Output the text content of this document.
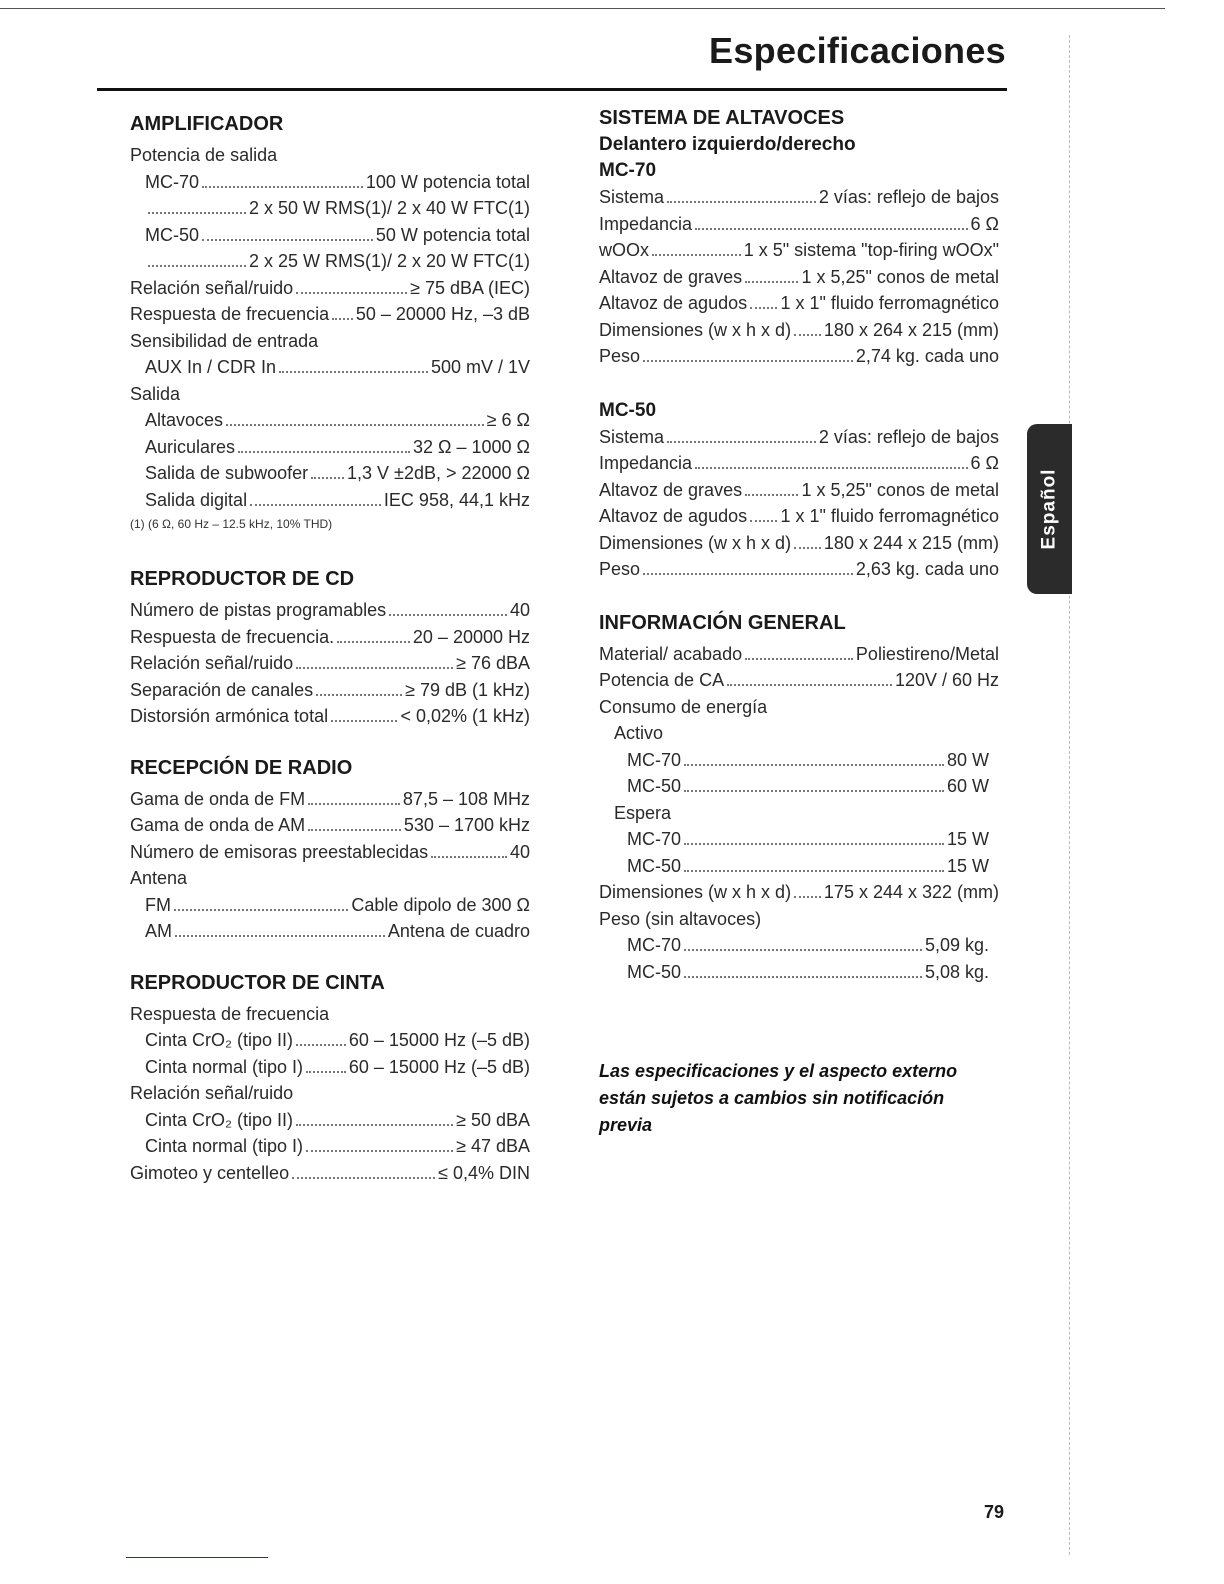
Especificaciones
AMPLIFICADOR
Potencia de salida
MC-70	100 W potencia total
2 x 50 W RMS(1)/ 2 x 40 W FTC(1)
MC-50	50 W potencia total
2 x 25 W RMS(1)/ 2 x 20 W FTC(1)
Relación señal/ruido	≥ 75 dBA (IEC)
Respuesta de frecuencia 50 – 20000 Hz, –3 dB
Sensibilidad de entrada
AUX In / CDR In	500 mV / 1V
Salida
Altavoces	≥ 6 Ω
Auriculares	32 Ω – 1000 Ω
Salida de subwoofer 1,3 V ±2dB, > 22000 Ω
Salida digital	IEC 958, 44,1 kHz
(1) (6 Ω, 60 Hz – 12.5 kHz, 10% THD)
REPRODUCTOR DE CD
Número de pistas programables	40
Respuesta de frecuencia.	20 – 20000 Hz
Relación señal/ruido	≥ 76 dBA
Separación de canales	≥ 79 dB (1 kHz)
Distorsión armónica total	< 0,02% (1 kHz)
RECEPCIÓN DE RADIO
Gama de onda de FM	87,5 – 108 MHz
Gama de onda de AM	530 – 1700 kHz
Número de emisoras preestablecidas	40
Antena
FM	Cable dipolo de 300 Ω
AM	Antena de cuadro
REPRODUCTOR DE CINTA
Respuesta de frecuencia
Cinta CrO₂ (tipo II)	60 – 15000 Hz (–5 dB)
Cinta normal (tipo I)	60 – 15000 Hz (–5 dB)
Relación señal/ruido
Cinta CrO₂ (tipo II)	≥ 50 dBA
Cinta normal (tipo I)	≥ 47 dBA
Gimoteo y centelleo	≤ 0,4% DIN
SISTEMA DE ALTAVOCES
Delantero izquierdo/derecho
MC-70
Sistema	2 vías: reflejo de bajos
Impedancia	6 Ω
wOOx	1 x 5" sistema "top-firing wOOx"
Altavoz de graves	1 x 5,25" conos de metal
Altavoz de agudos 1 x 1" fluido ferromagnético
Dimensiones (w x h x d) 180 x 264 x 215 (mm)
Peso	2,74 kg. cada uno
MC-50
Sistema	2 vías: reflejo de bajos
Impedancia	6 Ω
Altavoz de graves	1 x 5,25" conos de metal
Altavoz de agudos 1 x 1" fluido ferromagnético
Dimensiones (w x h x d) 180 x 244 x 215 (mm)
Peso	2,63 kg. cada uno
INFORMACIÓN GENERAL
Material/ acabado	Poliestireno/Metal
Potencia de CA	120V / 60 Hz
Consumo de energía
Activo
MC-70	80 W
MC-50	60 W
Espera
MC-70	15 W
MC-50	15 W
Dimensiones (w x h x d) 175 x 244 x 322 (mm)
Peso (sin altavoces)
MC-70	5,09 kg.
MC-50	5,08 kg.
Las especificaciones y el aspecto externo están sujetos a cambios sin notificación previa
Español
79
